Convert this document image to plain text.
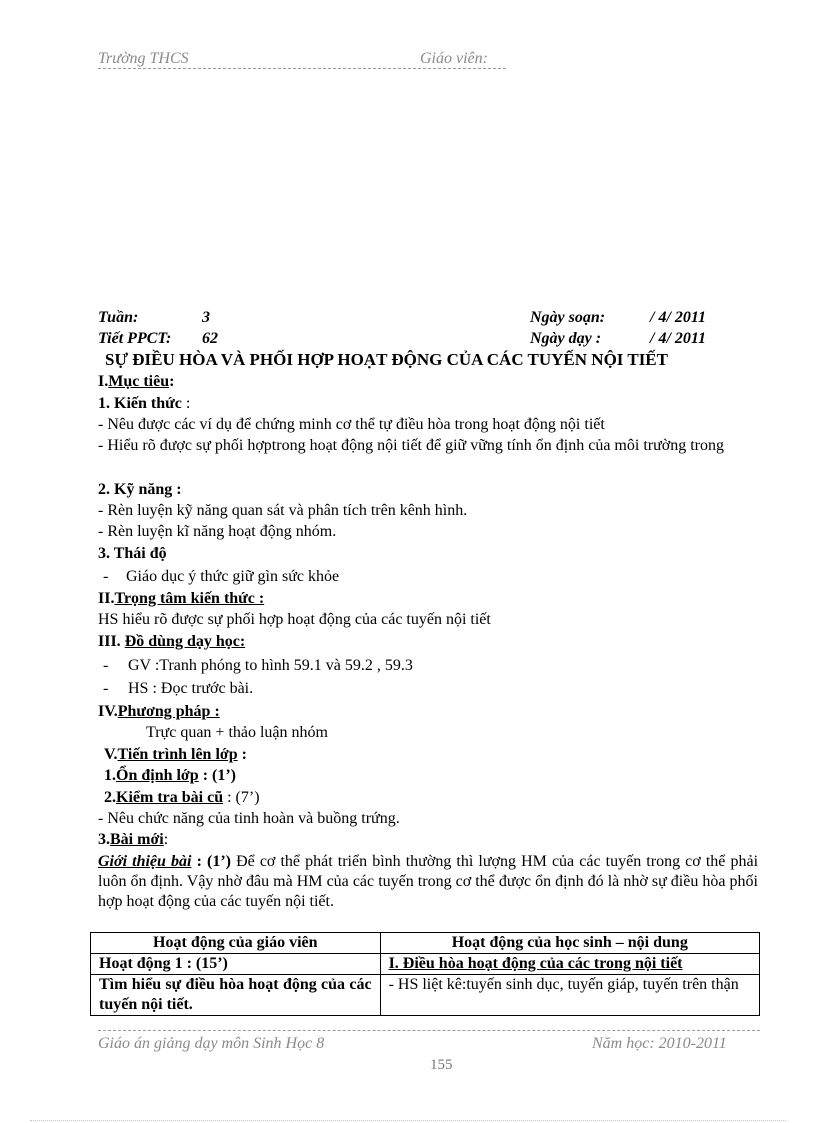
Trường THCS	Giáo viên:
Tuần:	3	Ngày soạn:	/ 4/ 2011
Tiết PPCT: 62	Ngày dạy :	/ 4/ 2011
SỰ ĐIỀU HÒA VÀ PHỐI HỢP HOẠT ĐỘNG CỦA CÁC TUYẾN NỘI TIẾT
I.Mục tiêu:
1. Kiến thức :
- Nêu được các ví dụ để chứng minh cơ thể tự điều hòa trong hoạt động nội tiết
- Hiểu rõ được sự phối hợptrong hoạt động nội tiết để giữ vững tính ổn định của môi trường trong
2. Kỹ năng :
- Rèn luyện kỹ năng quan sát và phân tích trên kênh hình.
- Rèn luyện kĩ năng hoạt động nhóm.
3. Thái độ
- Giáo dục ý thức giữ gìn sức khỏe
II.Trọng tâm kiến thức :
HS hiểu rõ được sự phối hợp hoạt động của các tuyến nội tiết
III. Đồ dùng dạy học:
- GV :Tranh phóng to hình 59.1 và 59.2 , 59.3
- HS : Đọc trước bài.
IV.Phương pháp :
Trực quan + thảo luận nhóm
V.Tiến trình lên lớp :
1.Ổn định lớp : (1’)
2.Kiểm tra bài cũ : (7’)
- Nêu chức năng của tinh hoàn và buồng trứng.
3.Bài mới:
Giới thiệu bài : (1’) Để cơ thể phát triển bình thường thì lượng HM của các tuyến trong cơ thể phải luôn ổn định. Vậy nhờ đâu mà HM của các tuyến trong cơ thể được ổn định đó là nhờ sự điều hòa phối hợp hoạt động của các tuyến nội tiết.
Hoạt động của giáo viên	Hoạt động của học sinh – nội dung
Hoạt động 1 : (15’)	I. Điều hòa hoạt động của các trong nội tiết
Tìm hiểu sự điều hòa hoạt động của các tuyến nội tiết.	- HS liệt kê:tuyến sinh dục, tuyến giáp, tuyến trên thận
Giáo án giảng dạy môn Sinh Học 8	Năm học: 2010-2011
155
